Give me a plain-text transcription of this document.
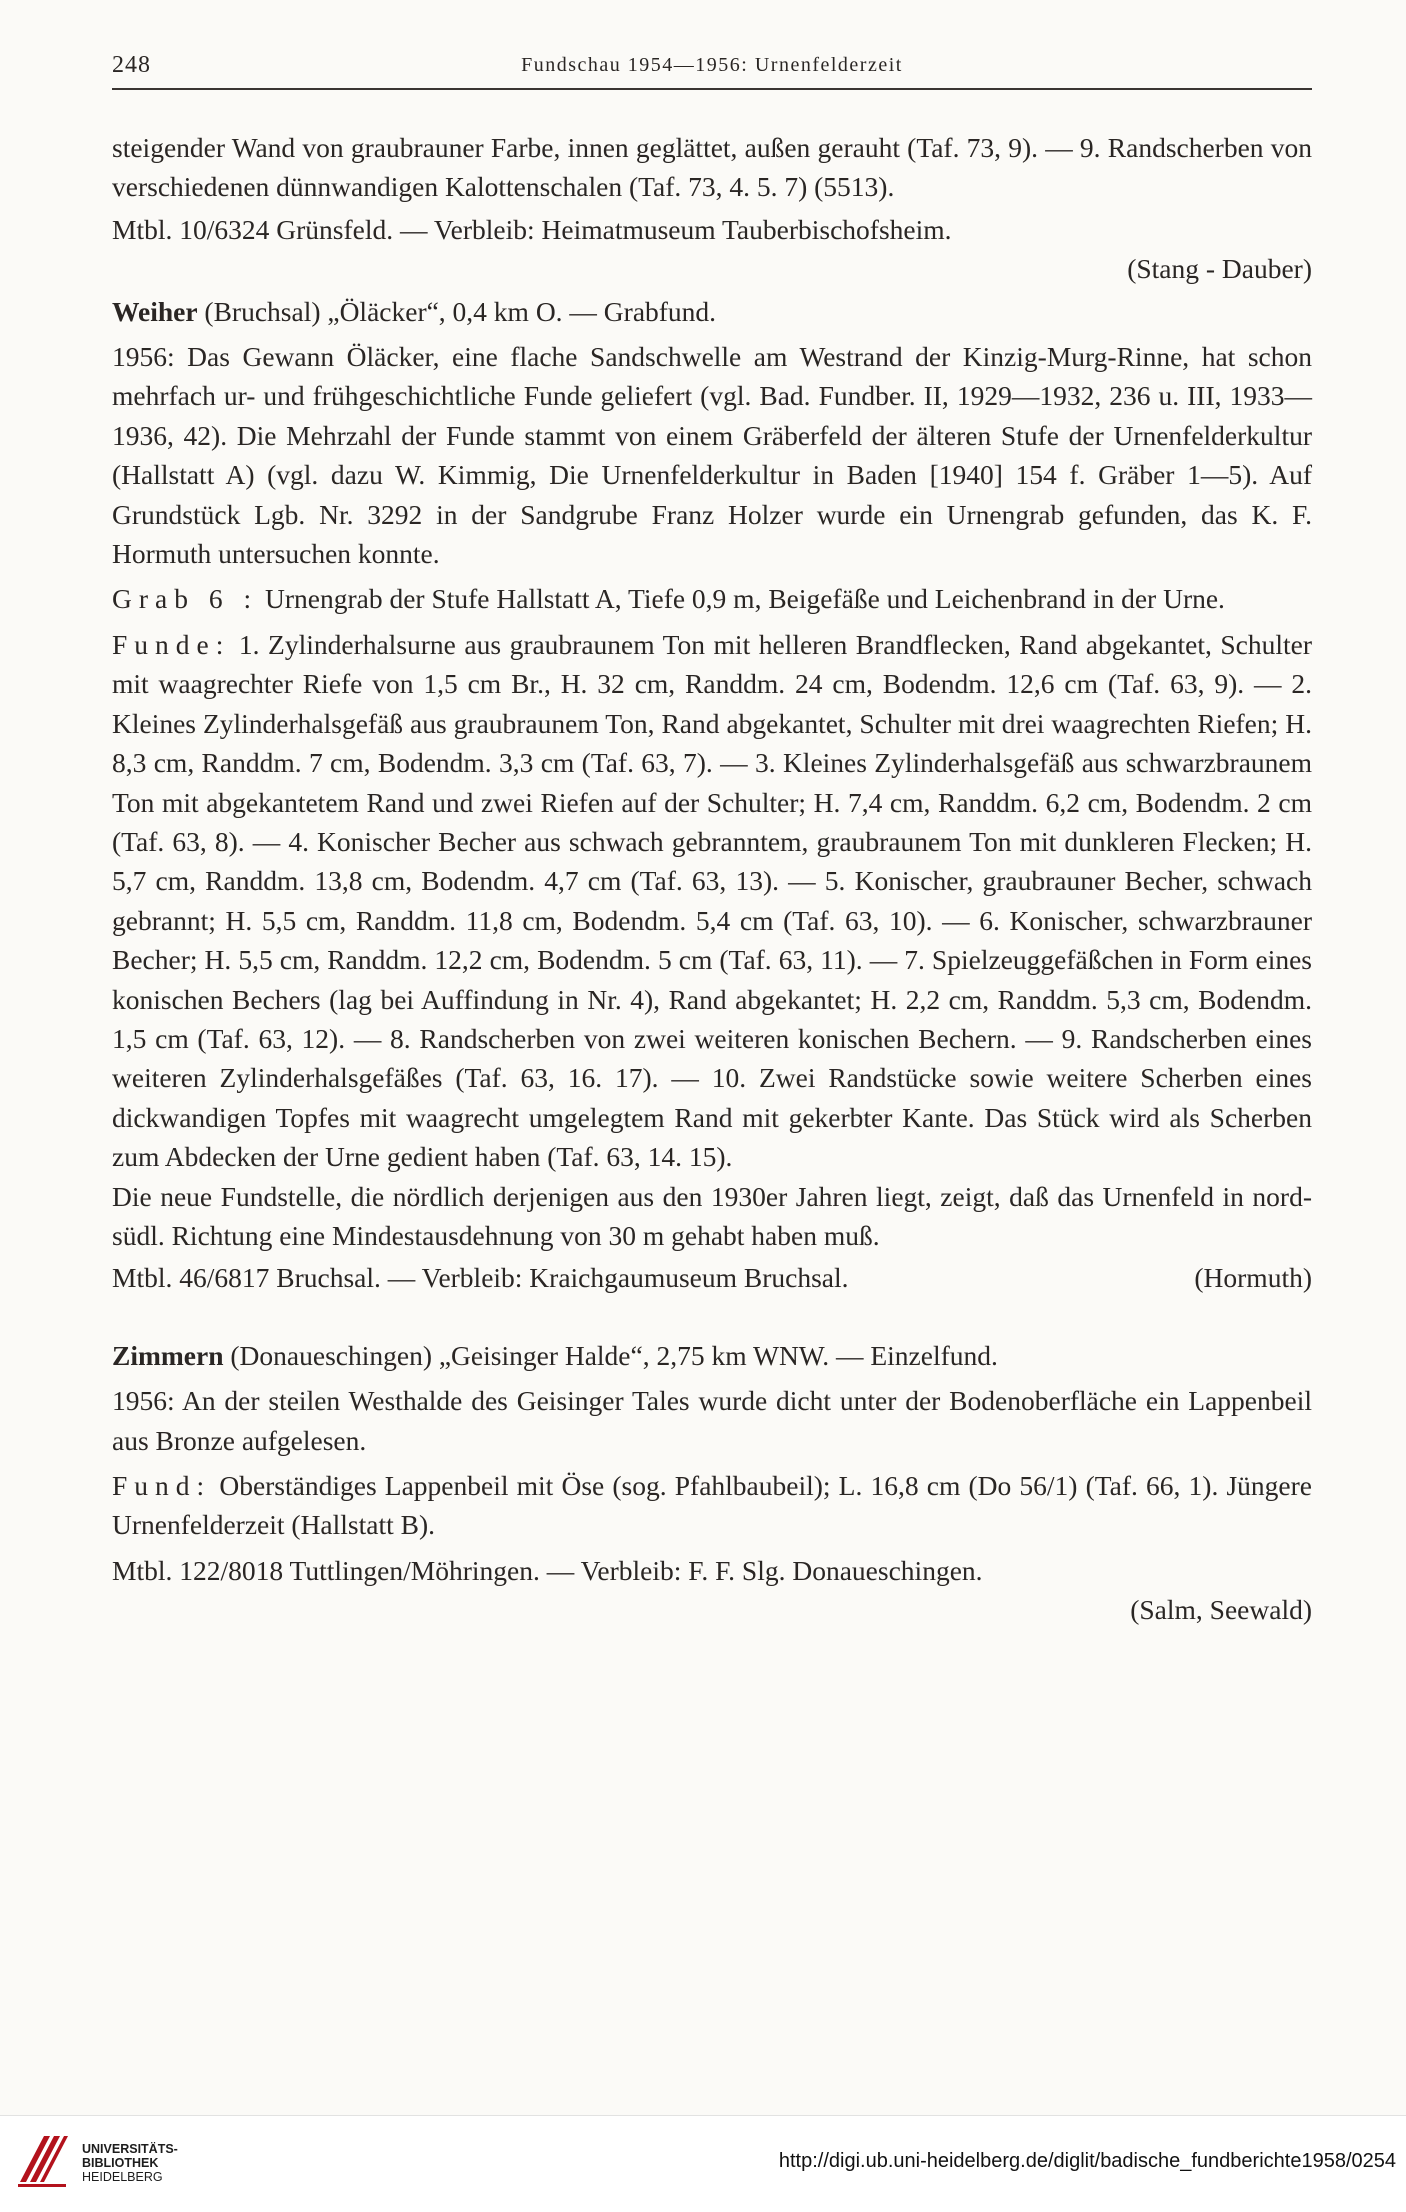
248	Fundschau 1954—1956: Urnenfelderzeit

steigender Wand von graubrauner Farbe, innen geglättet, außen gerauht (Taf. 73, 9). — 9. Randscherben von verschiedenen dünnwandigen Kalottenschalen (Taf. 73, 4. 5. 7) (5513).

Mtbl. 10/6324 Grünsfeld. — Verbleib: Heimatmuseum Tauberbischofsheim.

(Stang - Dauber)

Weiher (Bruchsal) „Öläcker“, 0,4 km O. — Grabfund.

1956: Das Gewann Öläcker, eine flache Sandschwelle am Westrand der Kinzig-Murg-Rinne, hat schon mehrfach ur- und frühgeschichtliche Funde geliefert (vgl. Bad. Fundber. II, 1929—1932, 236 u. III, 1933—1936, 42). Die Mehrzahl der Funde stammt von einem Gräberfeld der älteren Stufe der Urnenfelderkultur (Hallstatt A) (vgl. dazu W. Kimmig, Die Urnenfelderkultur in Baden [1940] 154 f. Gräber 1—5). Auf Grundstück Lgb. Nr. 3292 in der Sandgrube Franz Holzer wurde ein Urnengrab gefunden, das K. F. Hormuth untersuchen konnte.

Grab 6 : Urnengrab der Stufe Hallstatt A, Tiefe 0,9 m, Beigefäße und Leichenbrand in der Urne.

Funde: 1. Zylinderhalsurne aus graubraunem Ton mit helleren Brandflecken, Rand abgekantet, Schulter mit waagrechter Riefe von 1,5 cm Br., H. 32 cm, Randdm. 24 cm, Bodendm. 12,6 cm (Taf. 63, 9). — 2. Kleines Zylinderhalsgefäß aus graubraunem Ton, Rand abgekantet, Schulter mit drei waagrechten Riefen; H. 8,3 cm, Randdm. 7 cm, Bodendm. 3,3 cm (Taf. 63, 7). — 3. Kleines Zylinderhalsgefäß aus schwarzbraunem Ton mit abgekantetem Rand und zwei Riefen auf der Schulter; H. 7,4 cm, Randdm. 6,2 cm, Bodendm. 2 cm (Taf. 63, 8). — 4. Konischer Becher aus schwach gebranntem, graubraunem Ton mit dunkleren Flecken; H. 5,7 cm, Randdm. 13,8 cm, Bodendm. 4,7 cm (Taf. 63, 13). — 5. Konischer, graubrauner Becher, schwach gebrannt; H. 5,5 cm, Randdm. 11,8 cm, Bodendm. 5,4 cm (Taf. 63, 10). — 6. Konischer, schwarzbrauner Becher; H. 5,5 cm, Randdm. 12,2 cm, Bodendm. 5 cm (Taf. 63, 11). — 7. Spielzeuggefäßchen in Form eines konischen Bechers (lag bei Auffindung in Nr. 4), Rand abgekantet; H. 2,2 cm, Randdm. 5,3 cm, Bodendm. 1,5 cm (Taf. 63, 12). — 8. Randscherben von zwei weiteren konischen Bechern. — 9. Randscherben eines weiteren Zylinderhalsgefäßes (Taf. 63, 16. 17). — 10. Zwei Randstücke sowie weitere Scherben eines dickwandigen Topfes mit waagrecht umgelegtem Rand mit gekerbter Kante. Das Stück wird als Scherben zum Abdecken der Urne gedient haben (Taf. 63, 14. 15).

Die neue Fundstelle, die nördlich derjenigen aus den 1930er Jahren liegt, zeigt, daß das Urnenfeld in nord-südl. Richtung eine Mindestausdehnung von 30 m gehabt haben muß.

Mtbl. 46/6817 Bruchsal. — Verbleib: Kraichgaumuseum Bruchsal.	(Hormuth)

Zimmern (Donaueschingen) „Geisinger Halde“, 2,75 km WNW. — Einzelfund.

1956: An der steilen Westhalde des Geisinger Tales wurde dicht unter der Bodenoberfläche ein Lappenbeil aus Bronze aufgelesen.

Fund: Oberständiges Lappenbeil mit Öse (sog. Pfahlbaubeil); L. 16,8 cm (Do 56/1) (Taf. 66, 1). Jüngere Urnenfelderzeit (Hallstatt B).

Mtbl. 122/8018 Tuttlingen/Möhringen. — Verbleib: F. F. Slg. Donaueschingen.

(Salm, Seewald)

UNIVERSITÄTS-
BIBLIOTHEK
HEIDELBERG
http://digi.ub.uni-heidelberg.de/diglit/badische_fundberichte1958/0254
